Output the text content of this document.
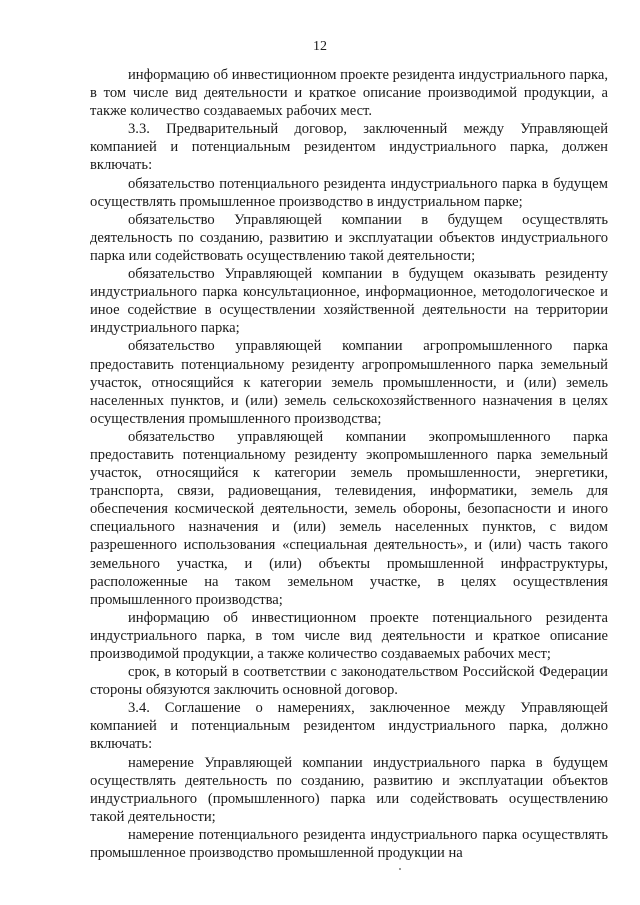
12

информацию об инвестиционном проекте резидента индустриального парка, в том числе вид деятельности и краткое описание производимой продукции, а также количество создаваемых рабочих мест.

3.3. Предварительный договор, заключенный между Управляющей компанией и потенциальным резидентом индустриального парка, должен включать:

обязательство потенциального резидента индустриального парка в будущем осуществлять промышленное производство в индустриальном парке;

обязательство Управляющей компании в будущем осуществлять деятельность по созданию, развитию и эксплуатации объектов индустриального парка или содействовать осуществлению такой деятельности;

обязательство Управляющей компании в будущем оказывать резиденту индустриального парка консультационное, информационное, методологическое и иное содействие в осуществлении хозяйственной деятельности на территории индустриального парка;

обязательство управляющей компании агропромышленного парка предоставить потенциальному резиденту агропромышленного парка земельный участок, относящийся к категории земель промышленности, и (или) земель населенных пунктов, и (или) земель сельскохозяйственного назначения в целях осуществления промышленного производства;

обязательство управляющей компании экопромышленного парка предоставить потенциальному резиденту экопромышленного парка земельный участок, относящийся к категории земель промышленности, энергетики, транспорта, связи, радиовещания, телевидения, информатики, земель для обеспечения космической деятельности, земель обороны, безопасности и иного специального назначения и (или) земель населенных пунктов, с видом разрешенного использования «специальная деятельность», и (или) часть такого земельного участка, и (или) объекты промышленной инфраструктуры, расположенные на таком земельном участке, в целях осуществления промышленного производства;

информацию об инвестиционном проекте потенциального резидента индустриального парка, в том числе вид деятельности и краткое описание производимой продукции, а также количество создаваемых рабочих мест;

срок, в который в соответствии с законодательством Российской Федерации стороны обязуются заключить основной договор.

3.4. Соглашение о намерениях, заключенное между Управляющей компанией и потенциальным резидентом индустриального парка, должно включать:

намерение Управляющей компании индустриального парка в будущем осуществлять деятельность по созданию, развитию и эксплуатации объектов индустриального (промышленного) парка или содействовать осуществлению такой деятельности;

намерение потенциального резидента индустриального парка осуществлять промышленное производство промышленной продукции на
